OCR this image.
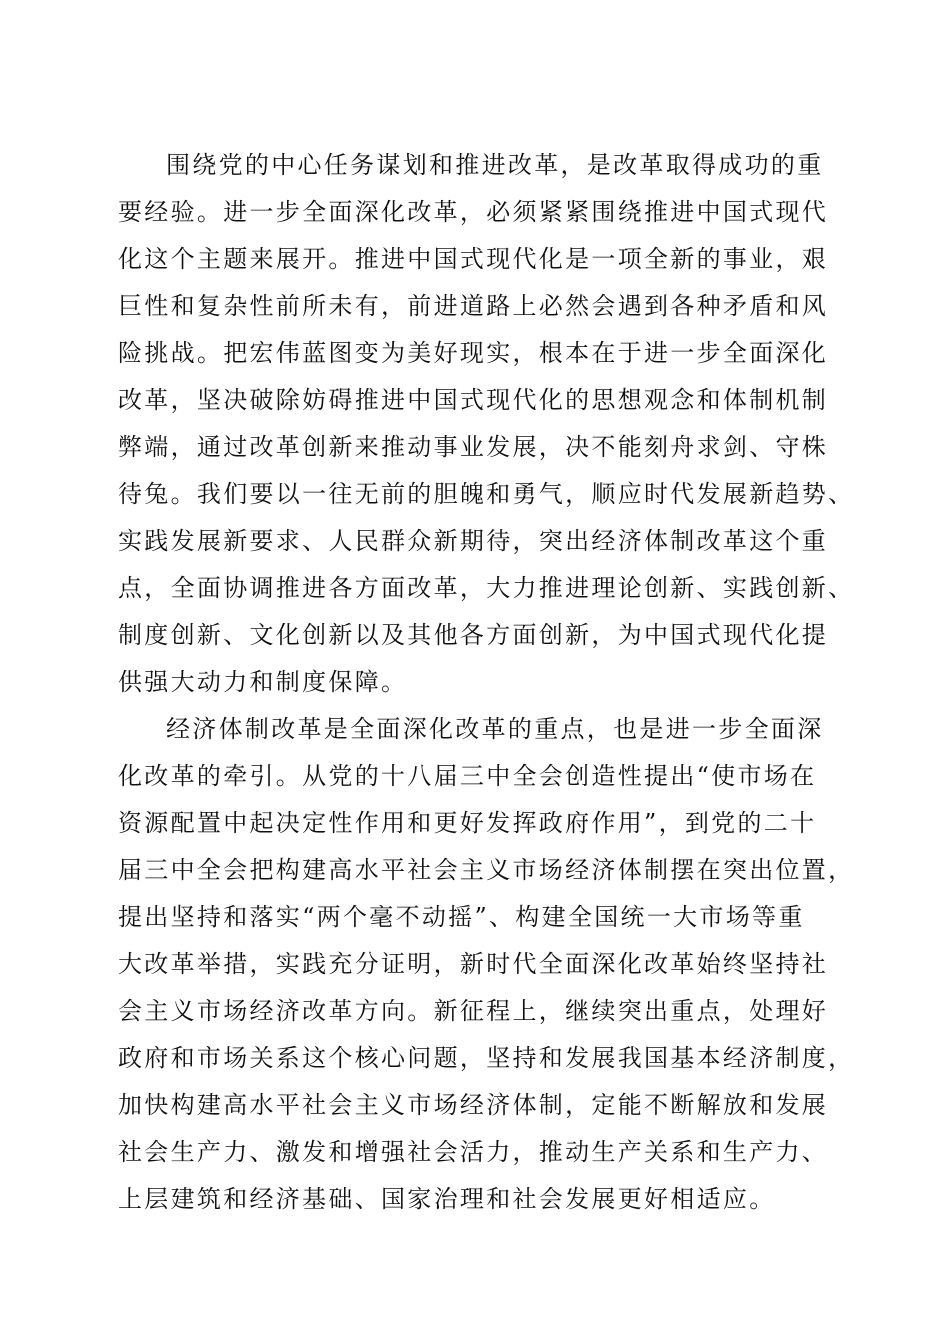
围绕党的中心任务谋划和推进改革，是改革取得成功的重
要经验。进一步全面深化改革，必须紧紧围绕推进中国式现代
化这个主题来展开。推进中国式现代化是一项全新的事业，艰
巨性和复杂性前所未有，前进道路上必然会遇到各种矛盾和风
险挑战。把宏伟蓝图变为美好现实，根本在于进一步全面深化
改革，坚决破除妨碍推进中国式现代化的思想观念和体制机制
弊端，通过改革创新来推动事业发展，决不能刻舟求剑、守株
待兔。我们要以一往无前的胆魄和勇气，顺应时代发展新趋势、
实践发展新要求、人民群众新期待，突出经济体制改革这个重
点，全面协调推进各方面改革，大力推进理论创新、实践创新、
制度创新、文化创新以及其他各方面创新，为中国式现代化提
供强大动力和制度保障。
经济体制改革是全面深化改革的重点，也是进一步全面深
化改革的牵引。从党的十八届三中全会创造性提出“使市场在
资源配置中起决定性作用和更好发挥政府作用”，到党的二十
届三中全会把构建高水平社会主义市场经济体制摆在突出位置，
提出坚持和落实“两个毫不动摇”、构建全国统一大市场等重
大改革举措，实践充分证明，新时代全面深化改革始终坚持社
会主义市场经济改革方向。新征程上，继续突出重点，处理好
政府和市场关系这个核心问题，坚持和发展我国基本经济制度，
加快构建高水平社会主义市场经济体制，定能不断解放和发展
社会生产力、激发和增强社会活力，推动生产关系和生产力、
上层建筑和经济基础、国家治理和社会发展更好相适应。
